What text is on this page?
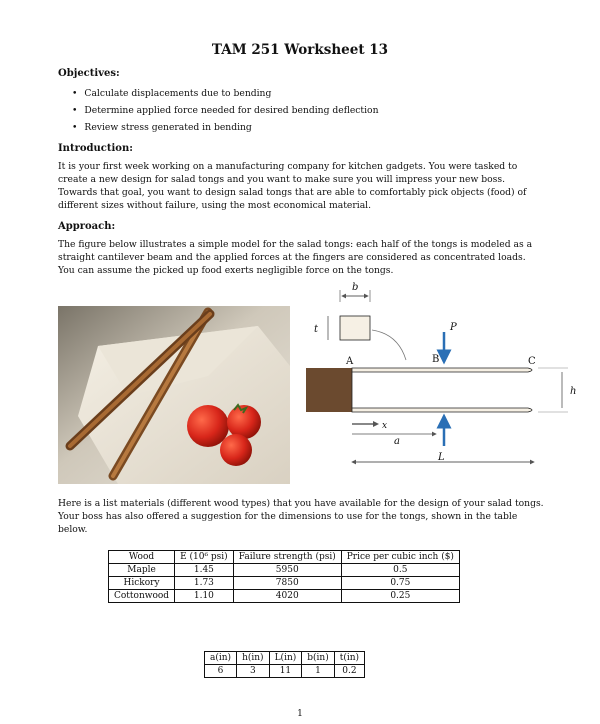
TAM 251 Worksheet 13
Objectives:
• Calculate displacements due to bending
• Determine applied force needed for desired bending deflection
• Review stress generated in bending
Introduction:

It is your first week working on a manufacturing company for kitchen gadgets. You were tasked to create a new design for salad tongs and you want to make sure you will impress your new boss. Towards that goal, you want to design salad tongs that are able to comfortably pick objects (food) of different sizes without failure, using the most economical material.

Approach:

The figure below illustrates a simple model for the salad tongs: each half of the tongs is modeled as a straight cantilever beam and the applied forces at the fingers are considered as concentrated loads. You can assume the picked up food exerts negligible force on the tongs.

b
t	P
A	B	C
h
x
a
L

Here is a list materials (different wood types) that you have available for the design of your salad tongs. Your boss has also offered a suggestion for the dimensions to use for the tongs, shown in the table below.

Wood	E (10⁶ psi)	Failure strength (psi)	Price per cubic inch ($)
Maple	1.45	5950	0.5
Hickory	1.73	7850	0.75
Cottonwood	1.10	4020	0.25
a(in)	h(in)	L(in)	b(in)	t(in)
6	3	11	1	0.2
1
